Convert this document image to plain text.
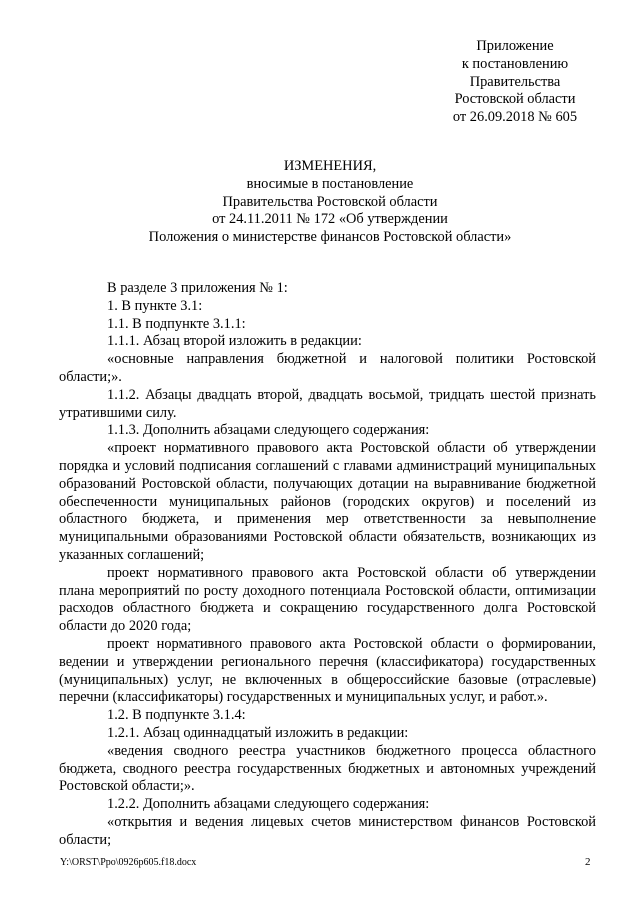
Приложение
к постановлению
Правительства
Ростовской области
от 26.09.2018 № 605
ИЗМЕНЕНИЯ,
вносимые в постановление
Правительства Ростовской области
от 24.11.2011 № 172 «Об утверждении
Положения о министерстве финансов Ростовской области»

В разделе 3 приложения № 1:

1. В пункте 3.1:

1.1. В подпункте 3.1.1:

1.1.1. Абзац второй изложить в редакции:

«основные направления бюджетной и налоговой политики Ростовской области;».

1.1.2. Абзацы двадцать второй, двадцать восьмой, тридцать шестой признать утратившими силу.

1.1.3. Дополнить абзацами следующего содержания:

«проект нормативного правового акта Ростовской области об утверждении порядка и условий подписания соглашений с главами администраций муниципальных образований Ростовской области, получающих дотации на выравнивание бюджетной обеспеченности муниципальных районов (городских округов) и поселений из областного бюджета, и применения мер ответственности за невыполнение муниципальными образованиями Ростовской области обязательств, возникающих из указанных соглашений;

проект нормативного правового акта Ростовской области об утверждении плана мероприятий по росту доходного потенциала Ростовской области, оптимизации расходов областного бюджета и сокращению государственного долга Ростовской области до 2020 года;

проект нормативного правового акта Ростовской области о формировании, ведении и утверждении регионального перечня (классификатора) государственных (муниципальных) услуг, не включенных в общероссийские базовые (отраслевые) перечни (классификаторы) государственных и муниципальных услуг, и работ.».

1.2. В подпункте 3.1.4:

1.2.1. Абзац одиннадцатый изложить в редакции:

«ведения сводного реестра участников бюджетного процесса областного бюджета, сводного реестра государственных бюджетных и автономных учреждений Ростовской области;».

1.2.2. Дополнить абзацами следующего содержания:

«открытия и ведения лицевых счетов министерством финансов Ростовской области;

Y:\ORST\Ppo\0926p605.f18.docx	2
